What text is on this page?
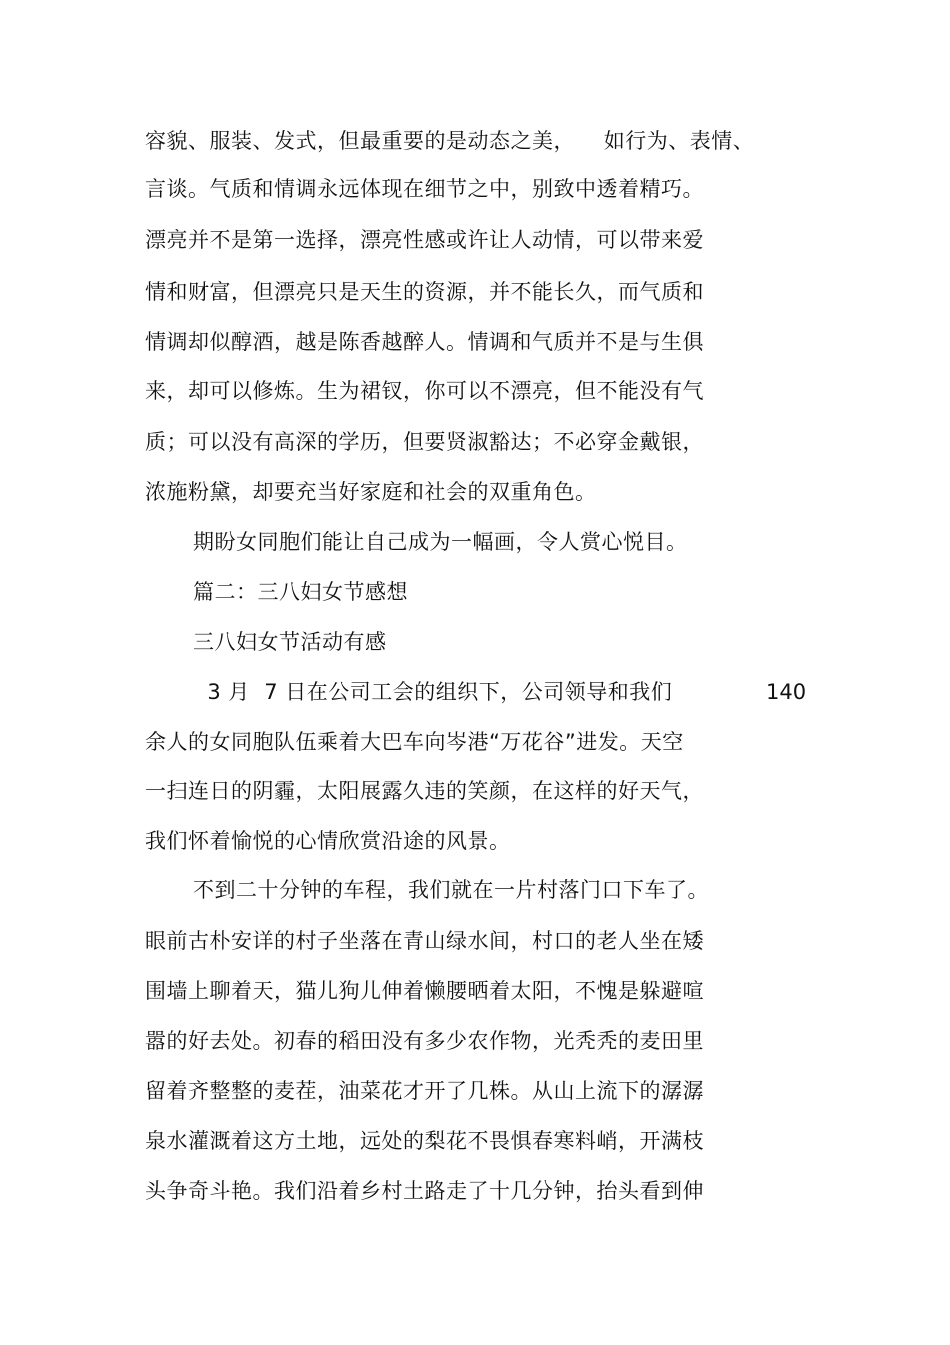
容貌、服装、发式，但最重要的是动态之美，    如行为、表情、
言谈。气质和情调永远体现在细节之中，别致中透着精巧。
漂亮并不是第一选择，漂亮性感或许让人动情，可以带来爱
情和财富，但漂亮只是天生的资源，并不能长久，而气质和
情调却似醇酒，越是陈香越醉人。情调和气质并不是与生俱
来，却可以修炼。生为裙钗，你可以不漂亮，但不能没有气
质；可以没有高深的学历，但要贤淑豁达；不必穿金戴银，
浓施粉黛，却要充当好家庭和社会的双重角色。
期盼女同胞们能让自己成为一幅画，令人赏心悦目。
篇二：三八妇女节感想
三八妇女节活动有感
3 月  7 日在公司工会的组织下，公司领导和我们	140
余人的女同胞队伍乘着大巴车向岑港“万花谷”进发。天空
一扫连日的阴霾，太阳展露久违的笑颜，在这样的好天气，
我们怀着愉悦的心情欣赏沿途的风景。
不到二十分钟的车程，我们就在一片村落门口下车了。
眼前古朴安详的村子坐落在青山绿水间，村口的老人坐在矮
围墙上聊着天，猫儿狗儿伸着懒腰晒着太阳，不愧是躲避喧
嚣的好去处。初春的稻田没有多少农作物，光秃秃的麦田里
留着齐整整的麦茬，油菜花才开了几株。从山上流下的潺潺
泉水灌溉着这方土地，远处的梨花不畏惧春寒料峭，开满枝
头争奇斗艳。我们沿着乡村土路走了十几分钟，抬头看到伸
